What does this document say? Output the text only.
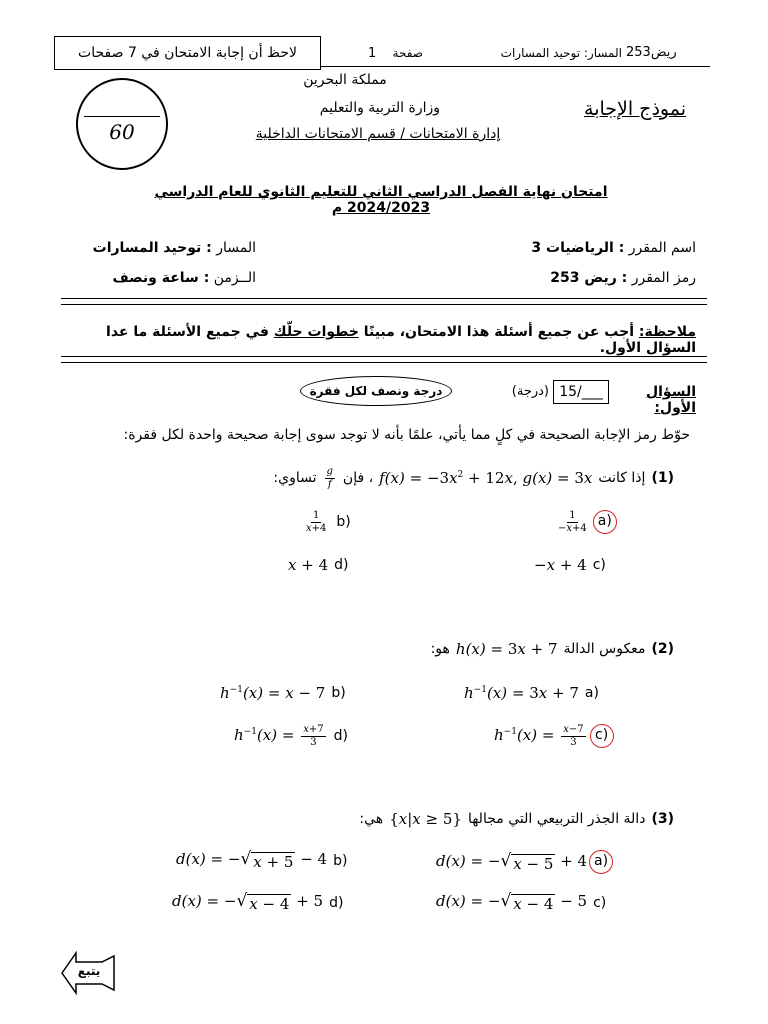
لاحظ أن إجابة الامتحان في 7 صفحات	1	صفحة	المسار: توحيد المسارات ريض253
60
مملكة البحرين
وزارة التربية والتعليم
إدارة الامتحانات / قسم الامتحانات الداخلية
نموذج الإجابة
امتحان نهاية الفصل الدراسي الثاني للتعليم الثانوي للعام الدراسي 2024/2023 م
اسم المقرر : الرياضيات 3
رمز المقرر : ريض 253
المسار : توحيد المسارات
الــزمن : ساعة ونصف
ملاحظة: أجب عن جميع أسئلة هذا الامتحان، مبينًا خطوات حلّك في جميع الأسئلة ما عدا السؤال الأول.
السؤال الأول:
15/___
(درجة)
درجة ونصف لكل فقرة
حوّط رمز الإجابة الصحيحة في كلٍ مما يأتي، علمًا بأنه لا توجد سوى إجابة صحيحة واحدة لكل فقرة:
(1)
إذا كانت
$f(x) = -3x^2 + 12x$, g(x) = 3x
، فإن
$\frac{g}{f}$
تساوي:
$\frac{1}{-x+4} a$)
$\frac{1}{x+4} b$)
−x + 4 c)
x + 4 d)
(2)
معكوس الدالة
h(x) = 3x + 7
هو:
$h^{-1}(x) = 3x + 7$ a)
$h^{-1}(x) = x - 7$ b)
$h^{-1}(x) = \frac{x-7}{3} c$)
$h^{-1}(x) = \frac{x+7}{3} d$)
(3)
دالة الجذر التربيعي التي مجالها
{x|x ≥ 5}
هي:
d(x) = − √ x − 5 + 4 a)
d(x) = − √ x + 5 − 4 b)
d(x) = − √ x − 4 − 5 c)
d(x) = − √ x − 4 + 5 d)
يتبع
